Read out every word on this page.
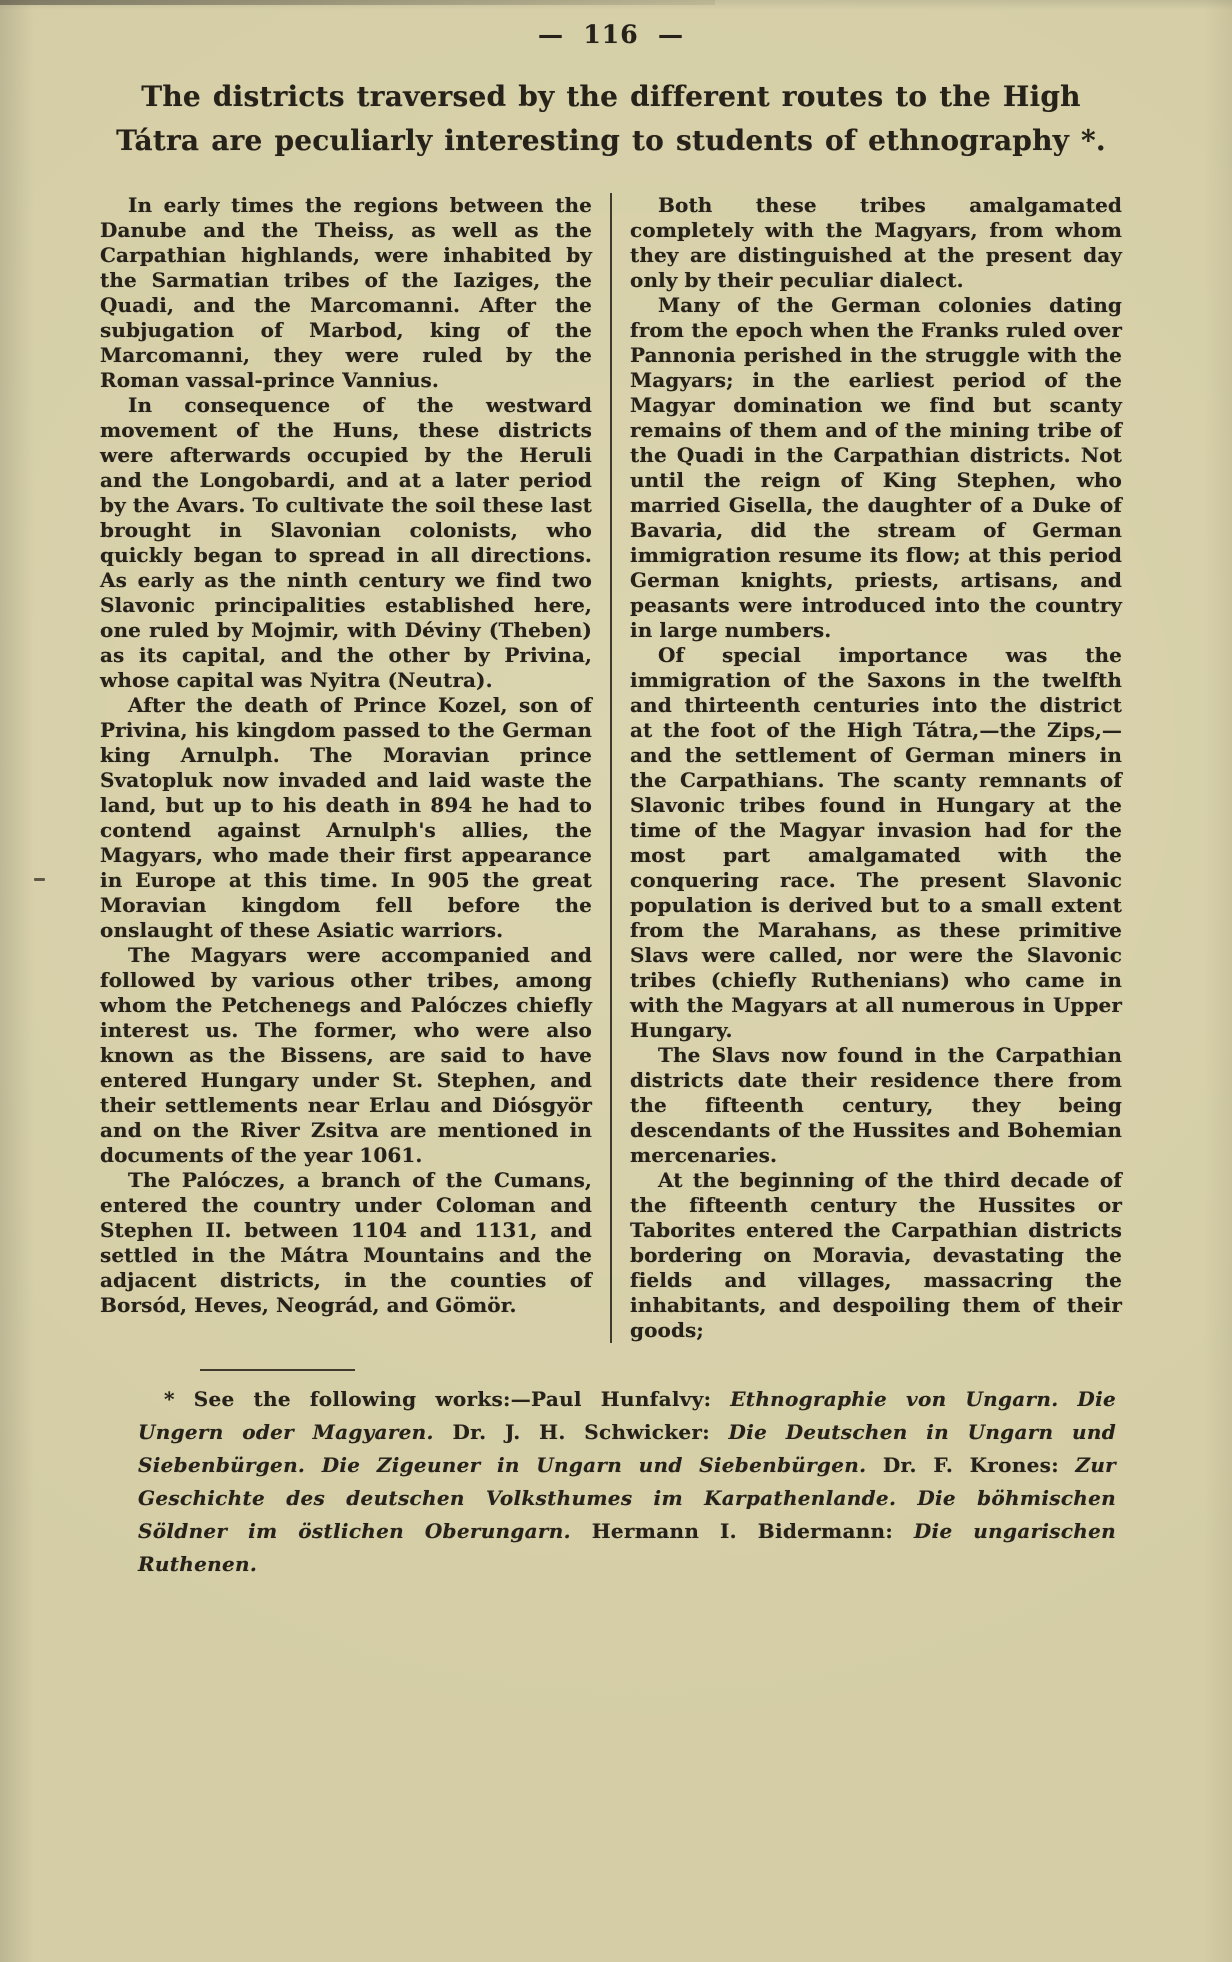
—  116  —
The districts traversed by the different routes to the High Tátra are peculiarly interesting to students of ethnography *.

In early times the regions between the Danube and the Theiss, as well as the Carpathian highlands, were inhabited by the Sarmatian tribes of the Iaziges, the Quadi, and the Marcomanni. After the subjugation of Marbod, king of the Marcomanni, they were ruled by the Roman vassal-prince Vannius.

In consequence of the westward movement of the Huns, these districts were afterwards occupied by the Heruli and the Longobardi, and at a later period by the Avars. To cultivate the soil these last brought in Slavonian colonists, who quickly began to spread in all directions. As early as the ninth century we find two Slavonic principalities established here, one ruled by Mojmir, with Déviny (Theben) as its capital, and the other by Privina, whose capital was Nyitra (Neutra).

After the death of Prince Kozel, son of Privina, his kingdom passed to the German king Arnulph. The Moravian prince Svatopluk now invaded and laid waste the land, but up to his death in 894 he had to contend against Arnulph's allies, the Magyars, who made their first appearance in Europe at this time. In 905 the great Moravian kingdom fell before the onslaught of these Asiatic warriors.

The Magyars were accompanied and followed by various other tribes, among whom the Petchenegs and Palóczes chiefly interest us. The former, who were also known as the Bissens, are said to have entered Hungary under St. Stephen, and their settlements near Erlau and Diósgyör and on the River Zsitva are mentioned in documents of the year 1061.

The Palóczes, a branch of the Cumans, entered the country under Coloman and Stephen II. between 1104 and 1131, and settled in the Mátra Mountains and the adjacent districts, in the counties of Borsód, Heves, Neográd, and Gömör.

Both these tribes amalgamated completely with the Magyars, from whom they are distinguished at the present day only by their peculiar dialect.

Many of the German colonies dating from the epoch when the Franks ruled over Pannonia perished in the struggle with the Magyars; in the earliest period of the Magyar domination we find but scanty remains of them and of the mining tribe of the Quadi in the Carpathian districts. Not until the reign of King Stephen, who married Gisella, the daughter of a Duke of Bavaria, did the stream of German immigration resume its flow; at this period German knights, priests, artisans, and peasants were introduced into the country in large numbers.

Of special importance was the immigration of the Saxons in the twelfth and thirteenth centuries into the district at the foot of the High Tátra,—the Zips,— and the settlement of German miners in the Carpathians. The scanty remnants of Slavonic tribes found in Hungary at the time of the Magyar invasion had for the most part amalgamated with the conquering race. The present Slavonic population is derived but to a small extent from the Marahans, as these primitive Slavs were called, nor were the Slavonic tribes (chiefly Ruthenians) who came in with the Magyars at all numerous in Upper Hungary.

The Slavs now found in the Carpathian districts date their residence there from the fifteenth century, they being descendants of the Hussites and Bohemian mercenaries.

At the beginning of the third decade of the fifteenth century the Hussites or Taborites entered the Carpathian districts bordering on Moravia, devastating the fields and villages, massacring the inhabitants, and despoiling them of their goods;

* See the following works:—Paul Hunfalvy: Ethnographie von Ungarn. Die Ungern oder Magyaren. Dr. J. H. Schwicker: Die Deutschen in Ungarn und Siebenbürgen. Die Zigeuner in Ungarn und Siebenbürgen. Dr. F. Krones: Zur Geschichte des deutschen Volksthumes im Karpathenlande. Die böhmischen Söldner im östlichen Oberungarn. Hermann I. Bidermann: Die ungarischen Ruthenen.
